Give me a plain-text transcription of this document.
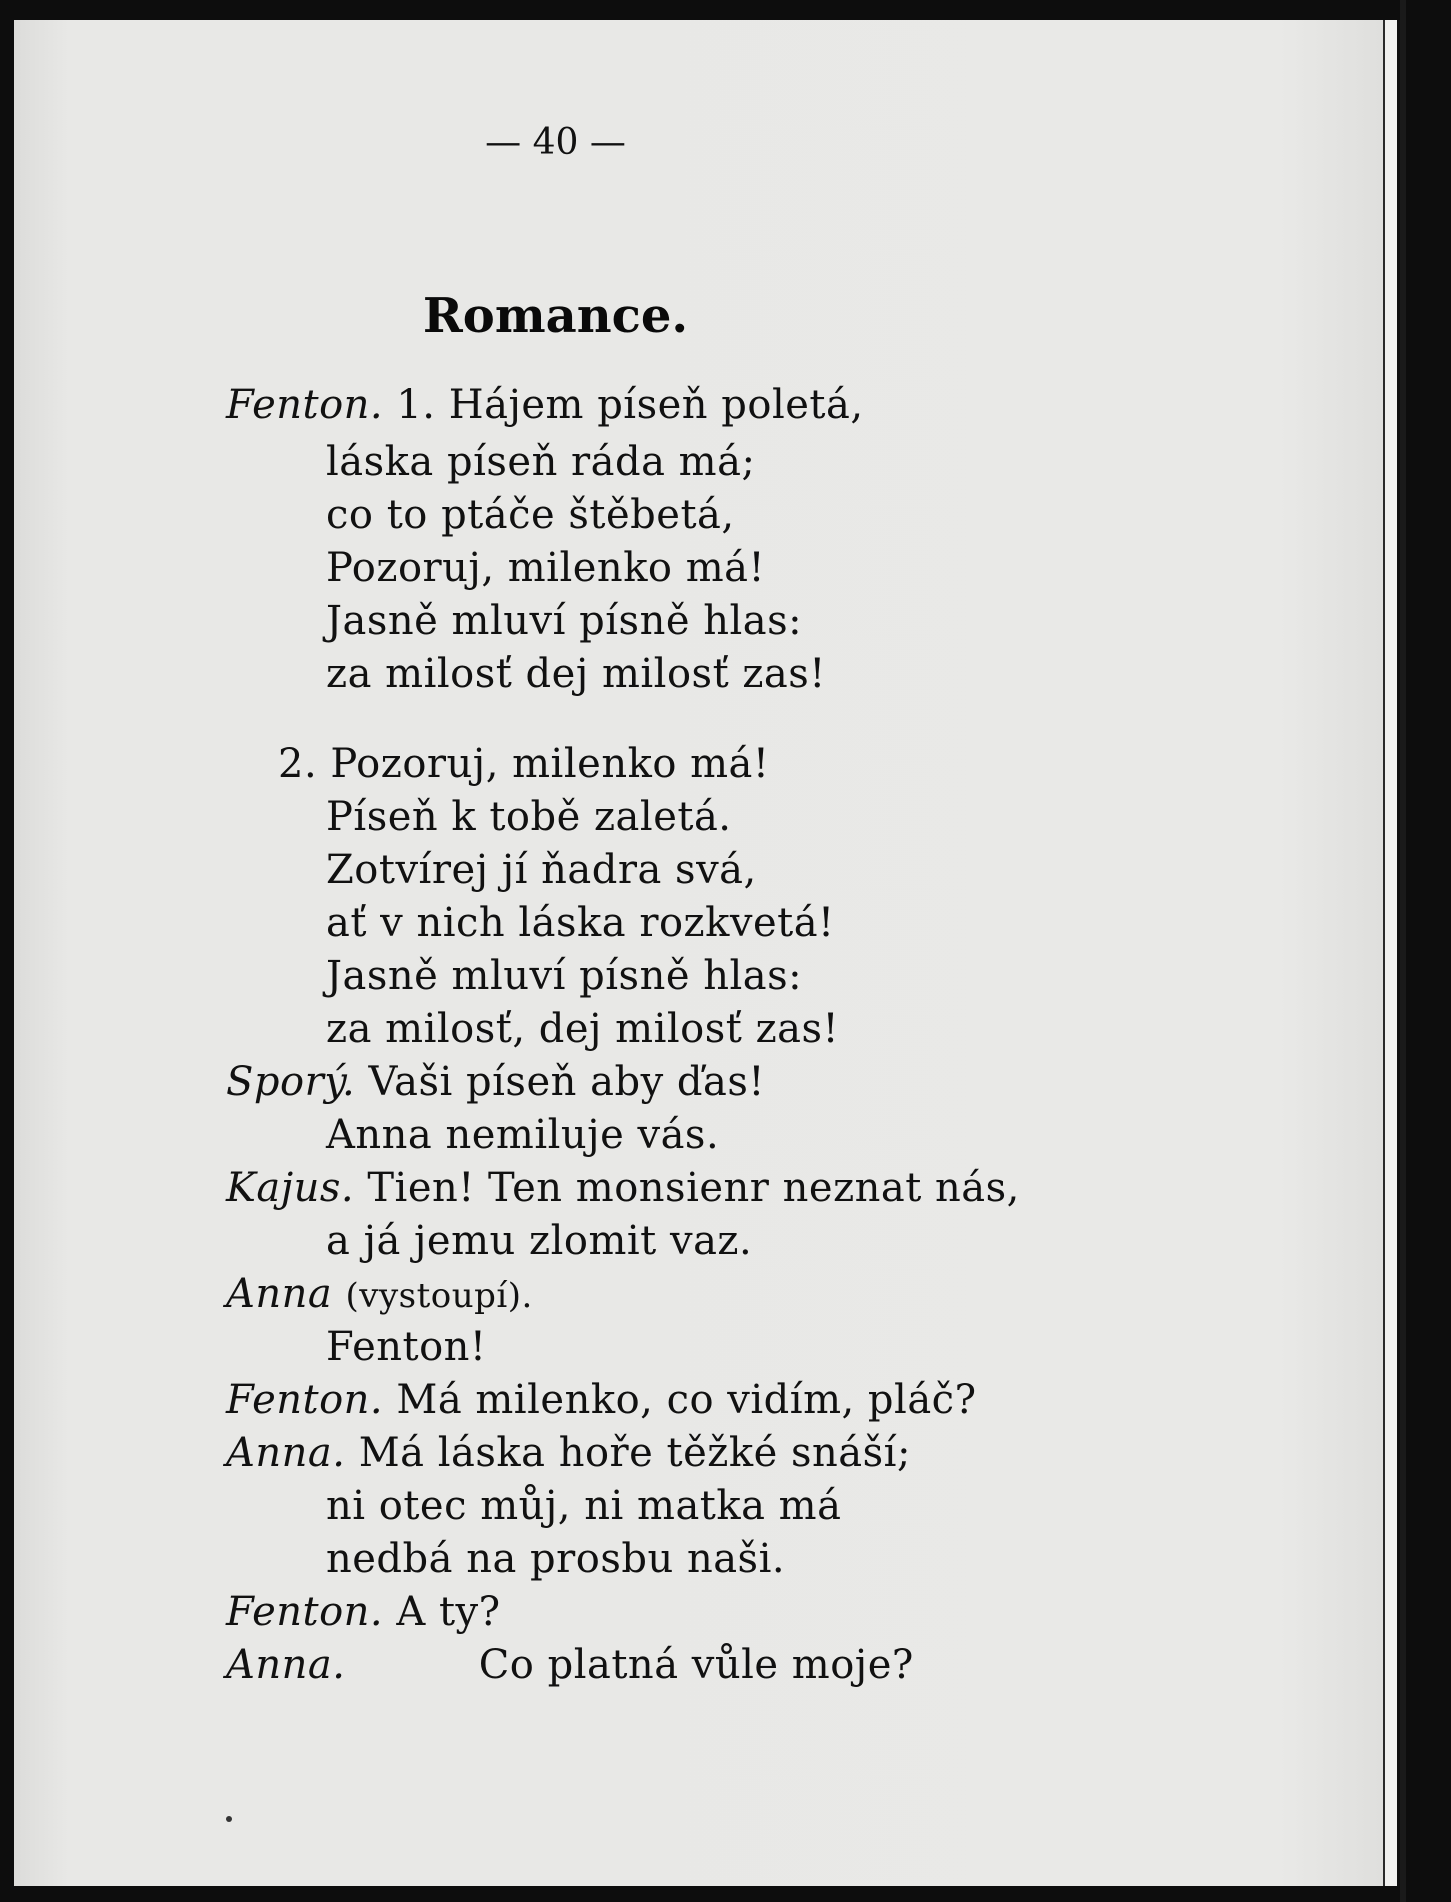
— 40 —
Romance.
Fenton. 1. Hájem píseň poletá,
láska píseň ráda má;
co to ptáče štěbetá,
Pozoruj, milenko má!
Jasně mluví písně hlas:
za milosť dej milosť zas!
2. Pozoruj, milenko má!
Píseň k tobě zaletá.
Zotvírej jí ňadra svá,
ať v nich láska rozkvetá!
Jasně mluví písně hlas:
za milosť, dej milosť zas!
Sporý. Vaši píseň aby ďas!
Anna nemiluje vás.
Kajus. Tien! Ten monsienr neznat nás,
a já jemu zlomit vaz.
Anna (vystoupí).
Fenton!
Fenton. Má milenko, co vidím, pláč?
Anna. Má láska hoře těžké snáší;
ni otec můj, ni matka má
nedbá na prosbu naši.
Fenton. A ty?
Anna.	Co platná vůle moje?
